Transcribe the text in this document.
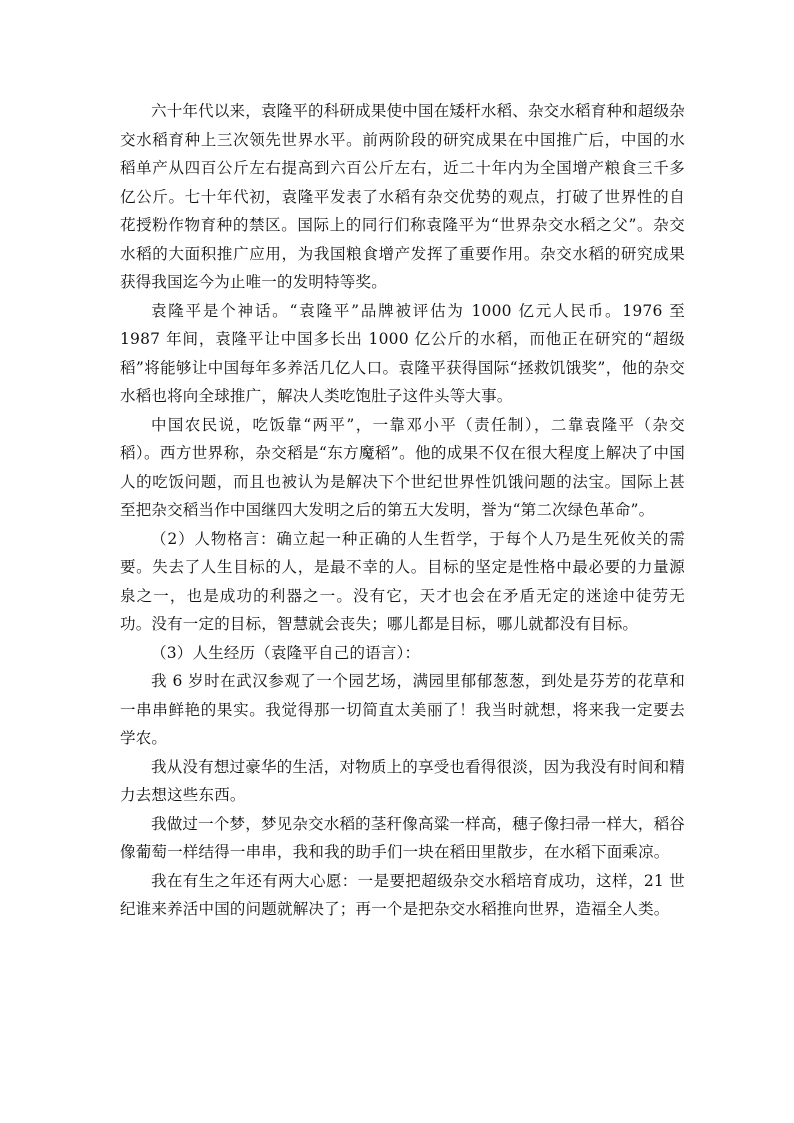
六十年代以来，袁隆平的科研成果使中国在矮杆水稻、杂交水稻育种和超级杂交水稻育种上三次领先世界水平。前两阶段的研究成果在中国推广后，中国的水稻单产从四百公斤左右提高到六百公斤左右，近二十年内为全国增产粮食三千多亿公斤。七十年代初，袁隆平发表了水稻有杂交优势的观点，打破了世界性的自花授粉作物育种的禁区。国际上的同行们称袁隆平为“世界杂交水稻之父”。杂交水稻的大面积推广应用，为我国粮食增产发挥了重要作用。杂交水稻的研究成果获得我国迄今为止唯一的发明特等奖。

袁隆平是个神话。“袁隆平”品牌被评估为 1000 亿元人民币。1976 至 1987 年间，袁隆平让中国多长出 1000 亿公斤的水稻，而他正在研究的“超级稻”将能够让中国每年多养活几亿人口。袁隆平获得国际“拯救饥饿奖”，他的杂交水稻也将向全球推广，解决人类吃饱肚子这件头等大事。

中国农民说，吃饭靠“两平”，一靠邓小平（责任制），二靠袁隆平（杂交稻）。西方世界称，杂交稻是“东方魔稻”。他的成果不仅在很大程度上解决了中国人的吃饭问题，而且也被认为是解决下个世纪世界性饥饿问题的法宝。国际上甚至把杂交稻当作中国继四大发明之后的第五大发明，誉为“第二次绿色革命”。

（2）人物格言：确立起一种正确的人生哲学，于每个人乃是生死攸关的需要。失去了人生目标的人，是最不幸的人。目标的坚定是性格中最必要的力量源泉之一，也是成功的利器之一。没有它，天才也会在矛盾无定的迷途中徒劳无功。没有一定的目标，智慧就会丧失；哪儿都是目标，哪儿就都没有目标。

（3）人生经历（袁隆平自己的语言）：

我 6 岁时在武汉参观了一个园艺场，满园里郁郁葱葱，到处是芬芳的花草和一串串鲜艳的果实。我觉得那一切简直太美丽了！我当时就想，将来我一定要去学农。

我从没有想过豪华的生活，对物质上的享受也看得很淡，因为我没有时间和精力去想这些东西。

我做过一个梦，梦见杂交水稻的茎秆像高粱一样高，穗子像扫帚一样大，稻谷像葡萄一样结得一串串，我和我的助手们一块在稻田里散步，在水稻下面乘凉。

我在有生之年还有两大心愿：一是要把超级杂交水稻培育成功，这样，21 世纪谁来养活中国的问题就解决了；再一个是把杂交水稻推向世界，造福全人类。
